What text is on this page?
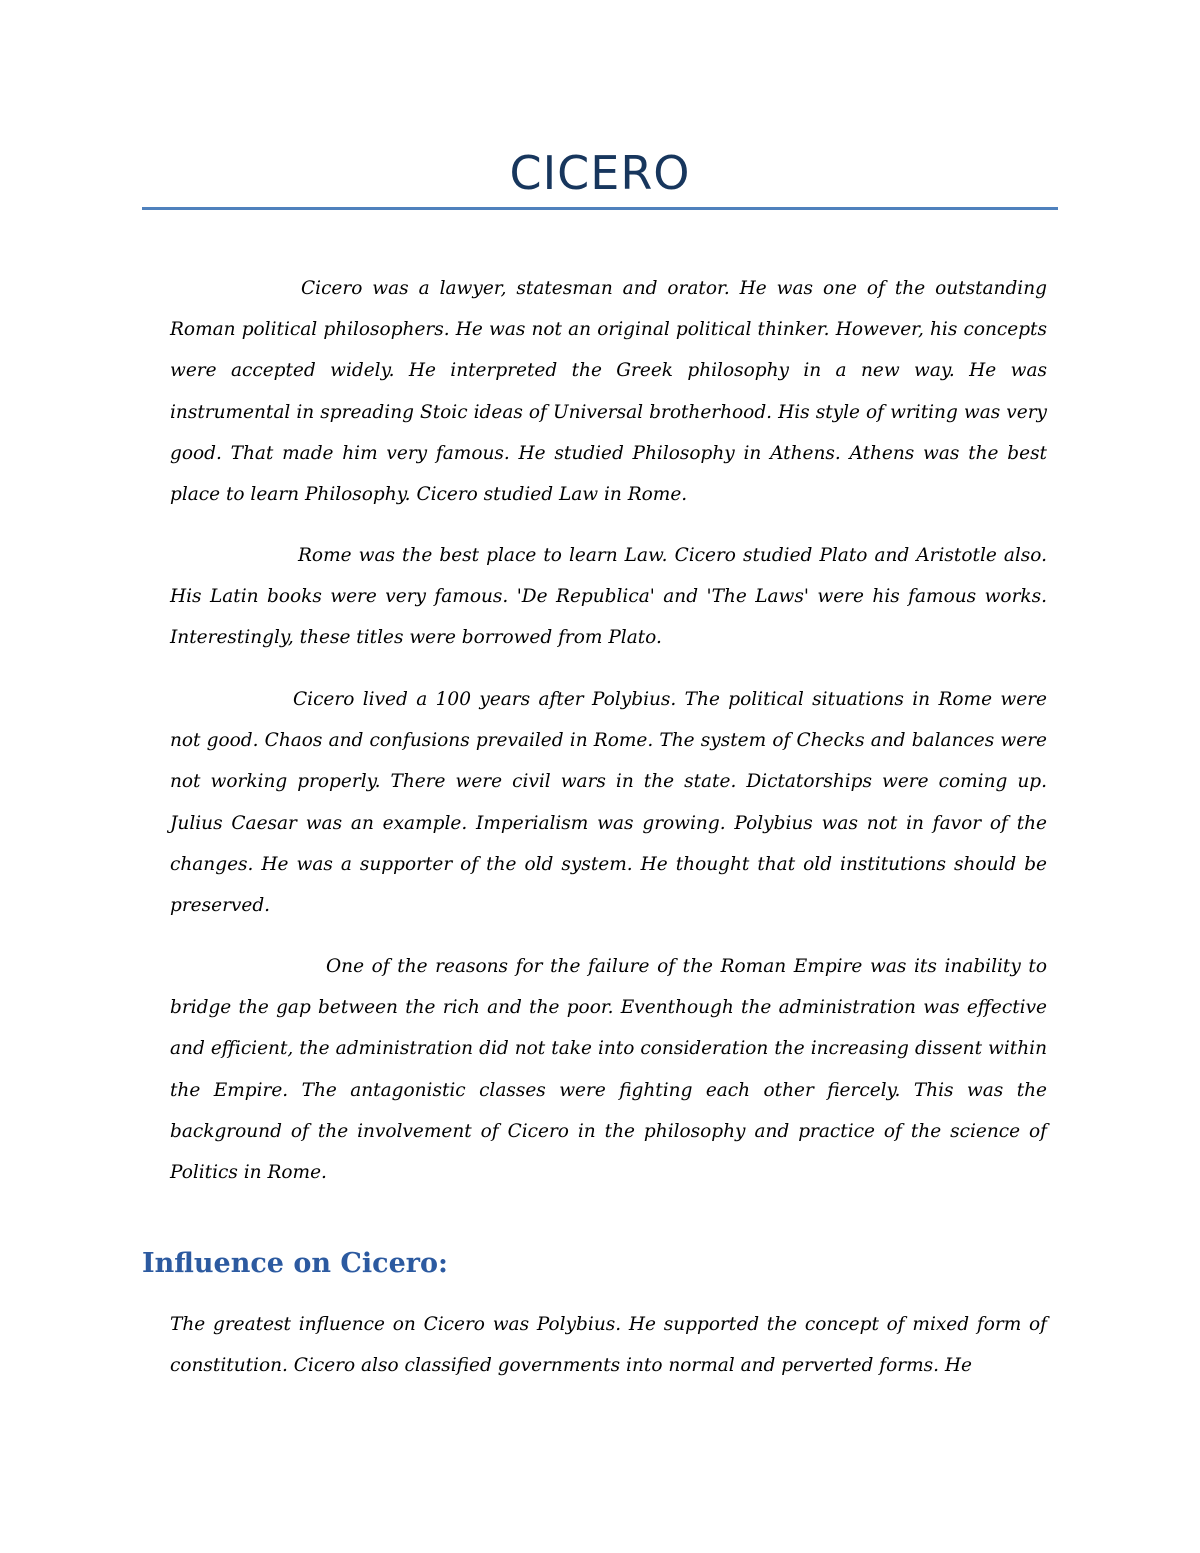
CICERO

Cicero was a lawyer, statesman and orator. He was one of the outstanding Roman political philosophers. He was not an original political thinker. However, his concepts were accepted widely. He interpreted the Greek philosophy in a new way. He was instrumental in spreading Stoic ideas of Universal brotherhood. His style of writing was very good. That made him very famous. He studied Philosophy in Athens. Athens was the best place to learn Philosophy. Cicero studied Law in Rome.

Rome was the best place to learn Law. Cicero studied Plato and Aristotle also. His Latin books were very famous. 'De Republica' and 'The Laws' were his famous works. Interestingly, these titles were borrowed from Plato.

Cicero lived a 100 years after Polybius. The political situations in Rome were not good. Chaos and confusions prevailed in Rome. The system of Checks and balances were not working properly. There were civil wars in the state. Dictatorships were coming up. Julius Caesar was an example. Imperialism was growing. Polybius was not in favor of the changes. He was a supporter of the old system. He thought that old institutions should be preserved.

One of the reasons for the failure of the Roman Empire was its inability to bridge the gap between the rich and the poor. Eventhough the administration was effective and efficient, the administration did not take into consideration the increasing dissent within the Empire. The antagonistic classes were fighting each other fiercely. This was the background of the involvement of Cicero in the philosophy and practice of the science of Politics in Rome.

Influence on Cicero:

The greatest influence on Cicero was Polybius. He supported the concept of mixed form of constitution. Cicero also classified governments into normal and perverted forms. He
